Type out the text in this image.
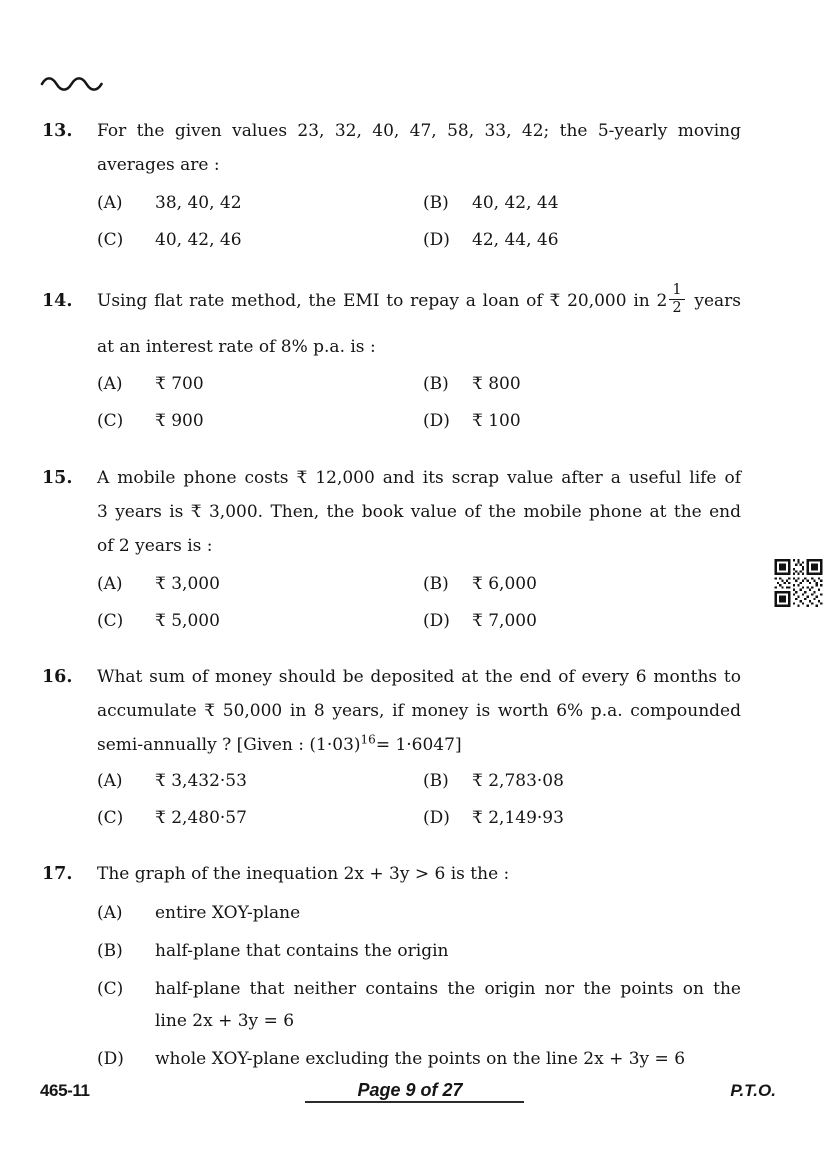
13. For the given values 23, 32, 40, 47, 58, 33, 42; the 5-yearly moving
averages are :
(A)	38, 40, 42	(B)	40, 42, 44
(C)	40, 42, 46	(D)	42, 44, 46
14. Using flat rate method, the EMI to repay a loan of ₹ 20,000 in $2 \frac{1}{2}$ years
at an interest rate of 8% p.a. is :
(A)	₹ 700	(B)	₹ 800
(C)	₹ 900	(D)	₹ 100
15. A mobile phone costs ₹ 12,000 and its scrap value after a useful life of
3 years is ₹ 3,000. Then, the book value of the mobile phone at the end
of 2 years is :
(A)	₹ 3,000	(B)	₹ 6,000
(C)	₹ 5,000	(D)	₹ 7,000
16. What sum of money should be deposited at the end of every 6 months to
accumulate ₹ 50,000 in 8 years, if money is worth 6% p.a. compounded
semi-annually ? [Given : $(1\cdot 03)^{16}= 1\cdot 6047$]
(A)	₹ 3,432·53	(B)	₹ 2,783·08
(C)	₹ 2,480·57	(D)	₹ 2,149·93
17. The graph of the inequation 2x + 3y > 6 is the :
(A)	entire XOY-plane
(B)	half-plane that contains the origin
(C)	half-plane that neither contains the origin nor the points on the
line 2x + 3y = 6
(D)	whole XOY-plane excluding the points on the line 2x + 3y = 6
465-11	Page 9 of 27	P.T.O.
